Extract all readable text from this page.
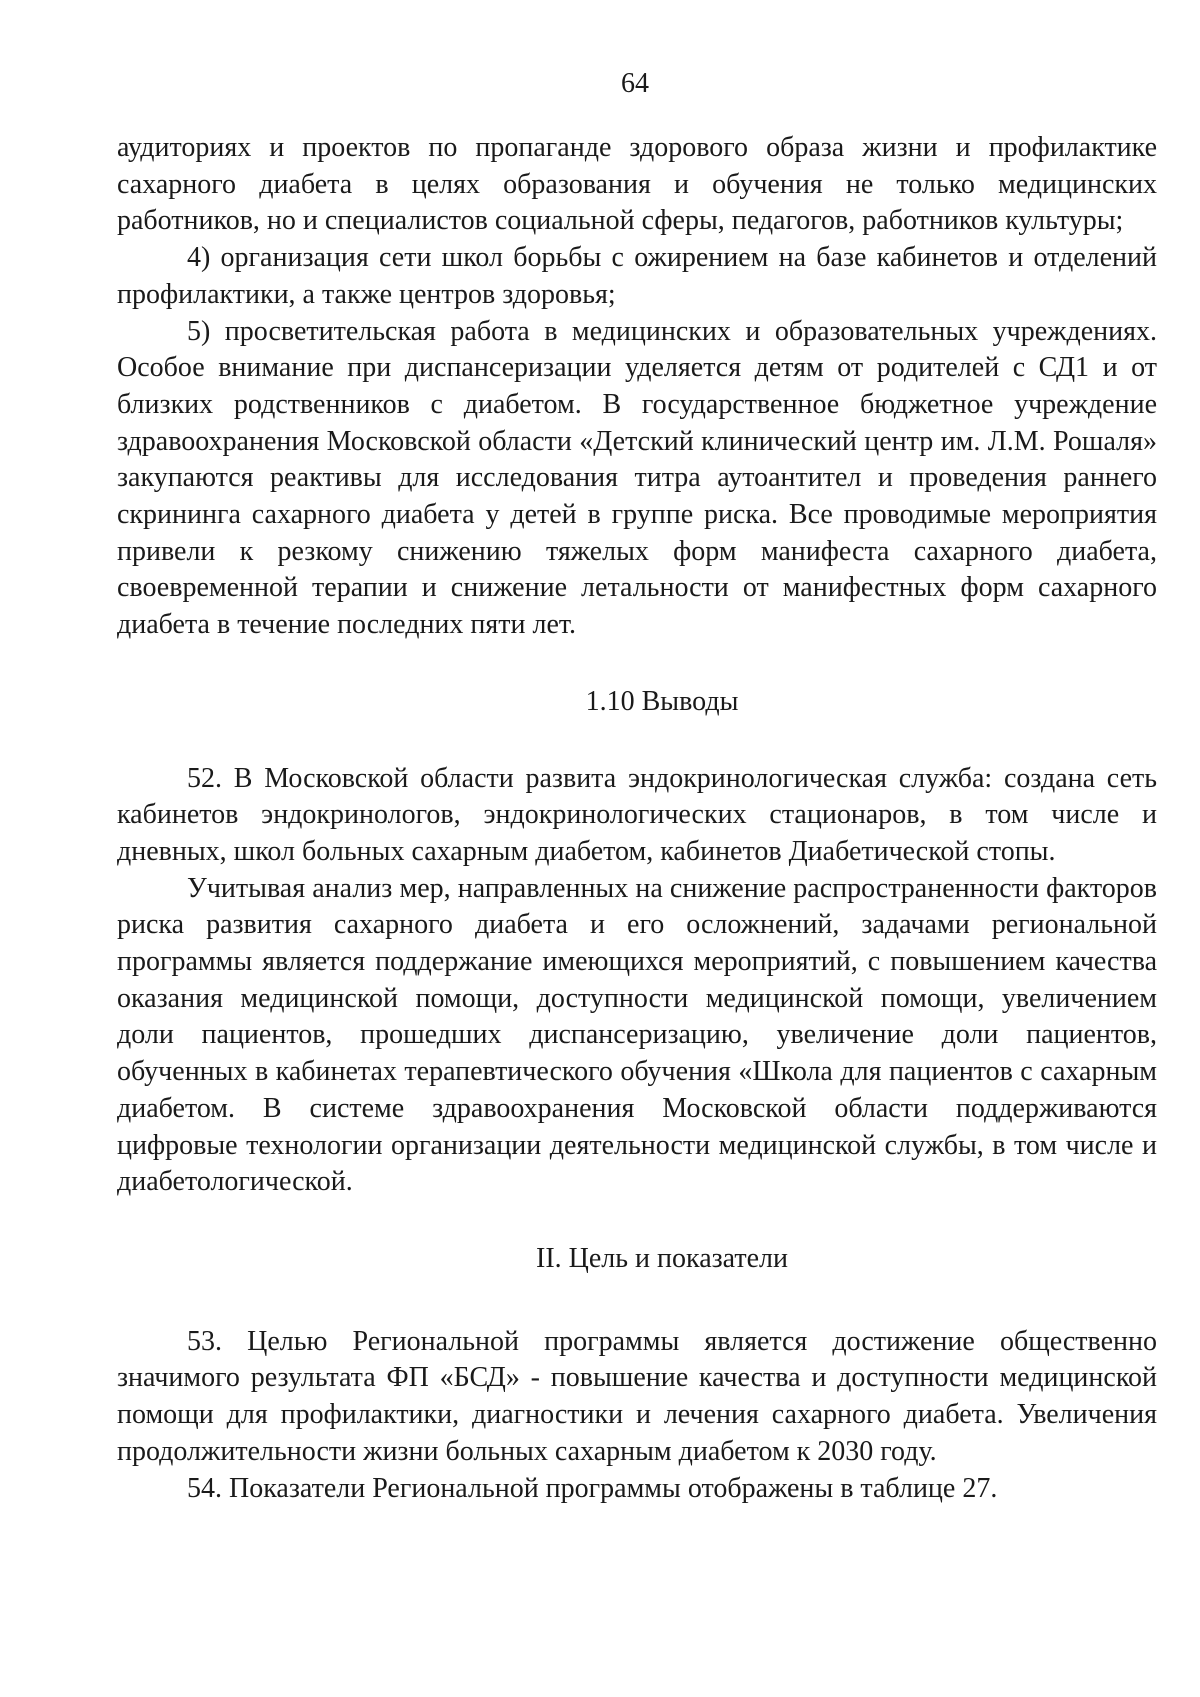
64

аудиториях и проектов по пропаганде здорового образа жизни и профилактике сахарного диабета в целях образования и обучения не только медицинских работников, но и специалистов социальной сферы, педагогов, работников культуры;

4) организация сети школ борьбы с ожирением на базе кабинетов и отделений профилактики, а также центров здоровья;

5) просветительская работа в медицинских и образовательных учреждениях. Особое внимание при диспансеризации уделяется детям от родителей с СД1 и от близких родственников с диабетом. В государственное бюджетное учреждение здравоохранения Московской области «Детский клинический центр им. Л.М. Рошаля» закупаются реактивы для исследования титра аутоантител и проведения раннего скрининга сахарного диабета у детей в группе риска. Все проводимые мероприятия привели к резкому снижению тяжелых форм манифеста сахарного диабета, своевременной терапии и снижение летальности от манифестных форм сахарного диабета в течение последних пяти лет.

1.10 Выводы

52. В Московской области развита эндокринологическая служба: создана сеть кабинетов эндокринологов, эндокринологических стационаров, в том числе и дневных, школ больных сахарным диабетом, кабинетов Диабетической стопы.

Учитывая анализ мер, направленных на снижение распространенности факторов риска развития сахарного диабета и его осложнений, задачами региональной программы является поддержание имеющихся мероприятий, с повышением качества оказания медицинской помощи, доступности медицинской помощи, увеличением доли пациентов, прошедших диспансеризацию, увеличение доли пациентов, обученных в кабинетах терапевтического обучения «Школа для пациентов с сахарным диабетом. В системе здравоохранения Московской области поддерживаются цифровые технологии организации деятельности медицинской службы, в том числе и диабетологической.

II. Цель и показатели

53. Целью Региональной программы является достижение общественно значимого результата ФП «БСД» - повышение качества и доступности медицинской помощи для профилактики, диагностики и лечения сахарного диабета. Увеличения продолжительности жизни больных сахарным диабетом к 2030 году.

54. Показатели Региональной программы отображены в таблице 27.
